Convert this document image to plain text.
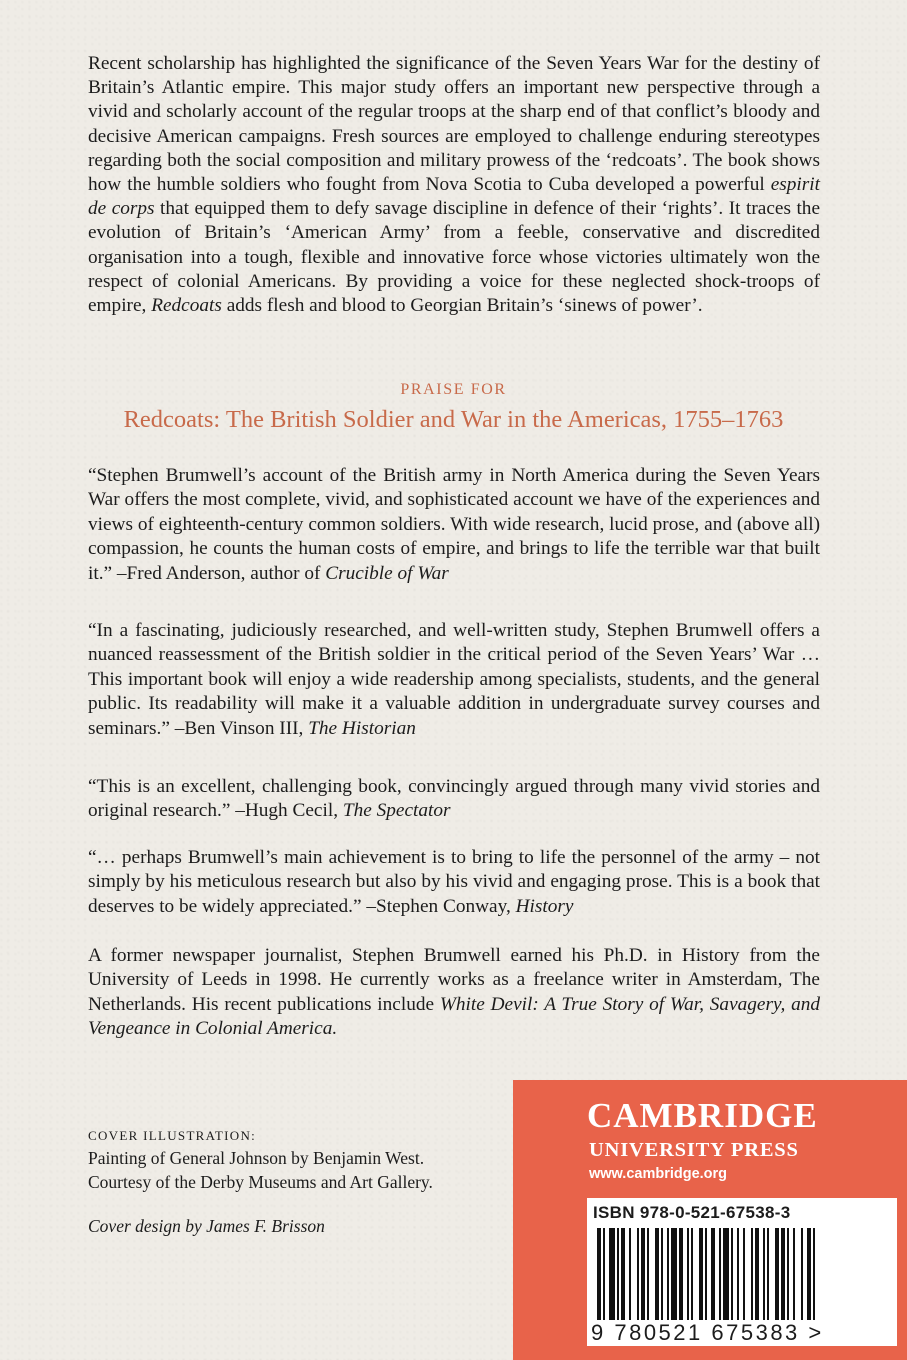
Recent scholarship has highlighted the significance of the Seven Years War for the destiny of Britain’s Atlantic empire. This major study offers an important new perspective through a vivid and scholarly account of the regular troops at the sharp end of that conflict’s bloody and decisive American campaigns. Fresh sources are employed to challenge enduring stereotypes regarding both the social composition and military prowess of the ‘redcoats’. The book shows how the humble soldiers who fought from Nova Scotia to Cuba developed a powerful espirit de corps that equipped them to defy savage discipline in defence of their ‘rights’. It traces the evolution of Britain’s ‘American Army’ from a feeble, conservative and discredited organisation into a tough, flexible and innovative force whose victories ultimately won the respect of colonial Americans. By providing a voice for these neglected shock-troops of empire, Redcoats adds flesh and blood to Georgian Britain’s ‘sinews of power’.

PRAISE FOR
Redcoats: The British Soldier and War in the Americas, 1755–1763

“Stephen Brumwell’s account of the British army in North America during the Seven Years War offers the most complete, vivid, and sophisticated account we have of the experiences and views of eighteenth-century common soldiers. With wide research, lucid prose, and (above all) compassion, he counts the human costs of empire, and brings to life the terrible war that built it.” –Fred Anderson, author of Crucible of War

“In a fascinating, judiciously researched, and well-written study, Stephen Brumwell offers a nuanced reassessment of the British soldier in the critical period of the Seven Years’ War … This important book will enjoy a wide readership among specialists, students, and the general public. Its readability will make it a valuable addition in undergraduate survey courses and seminars.” –Ben Vinson III, The Historian

“This is an excellent, challenging book, convincingly argued through many vivid stories and original research.” –Hugh Cecil, The Spectator

“… perhaps Brumwell’s main achievement is to bring to life the personnel of the army – not simply by his meticulous research but also by his vivid and engaging prose. This is a book that deserves to be widely appreciated.” –Stephen Conway, History

A former newspaper journalist, Stephen Brumwell earned his Ph.D. in History from the University of Leeds in 1998. He currently works as a freelance writer in Amsterdam, The Netherlands. His recent publications include White Devil: A True Story of War, Savagery, and Vengeance in Colonial America.

COVER ILLUSTRATION:

Painting of General Johnson by Benjamin West.

Courtesy of the Derby Museums and Art Gallery.

Cover design by James F. Brisson
CAMBRIDGE
UNIVERSITY PRESS
www.cambridge.org
ISBN 978-0-521-67538-3
9 780521 675383 >
